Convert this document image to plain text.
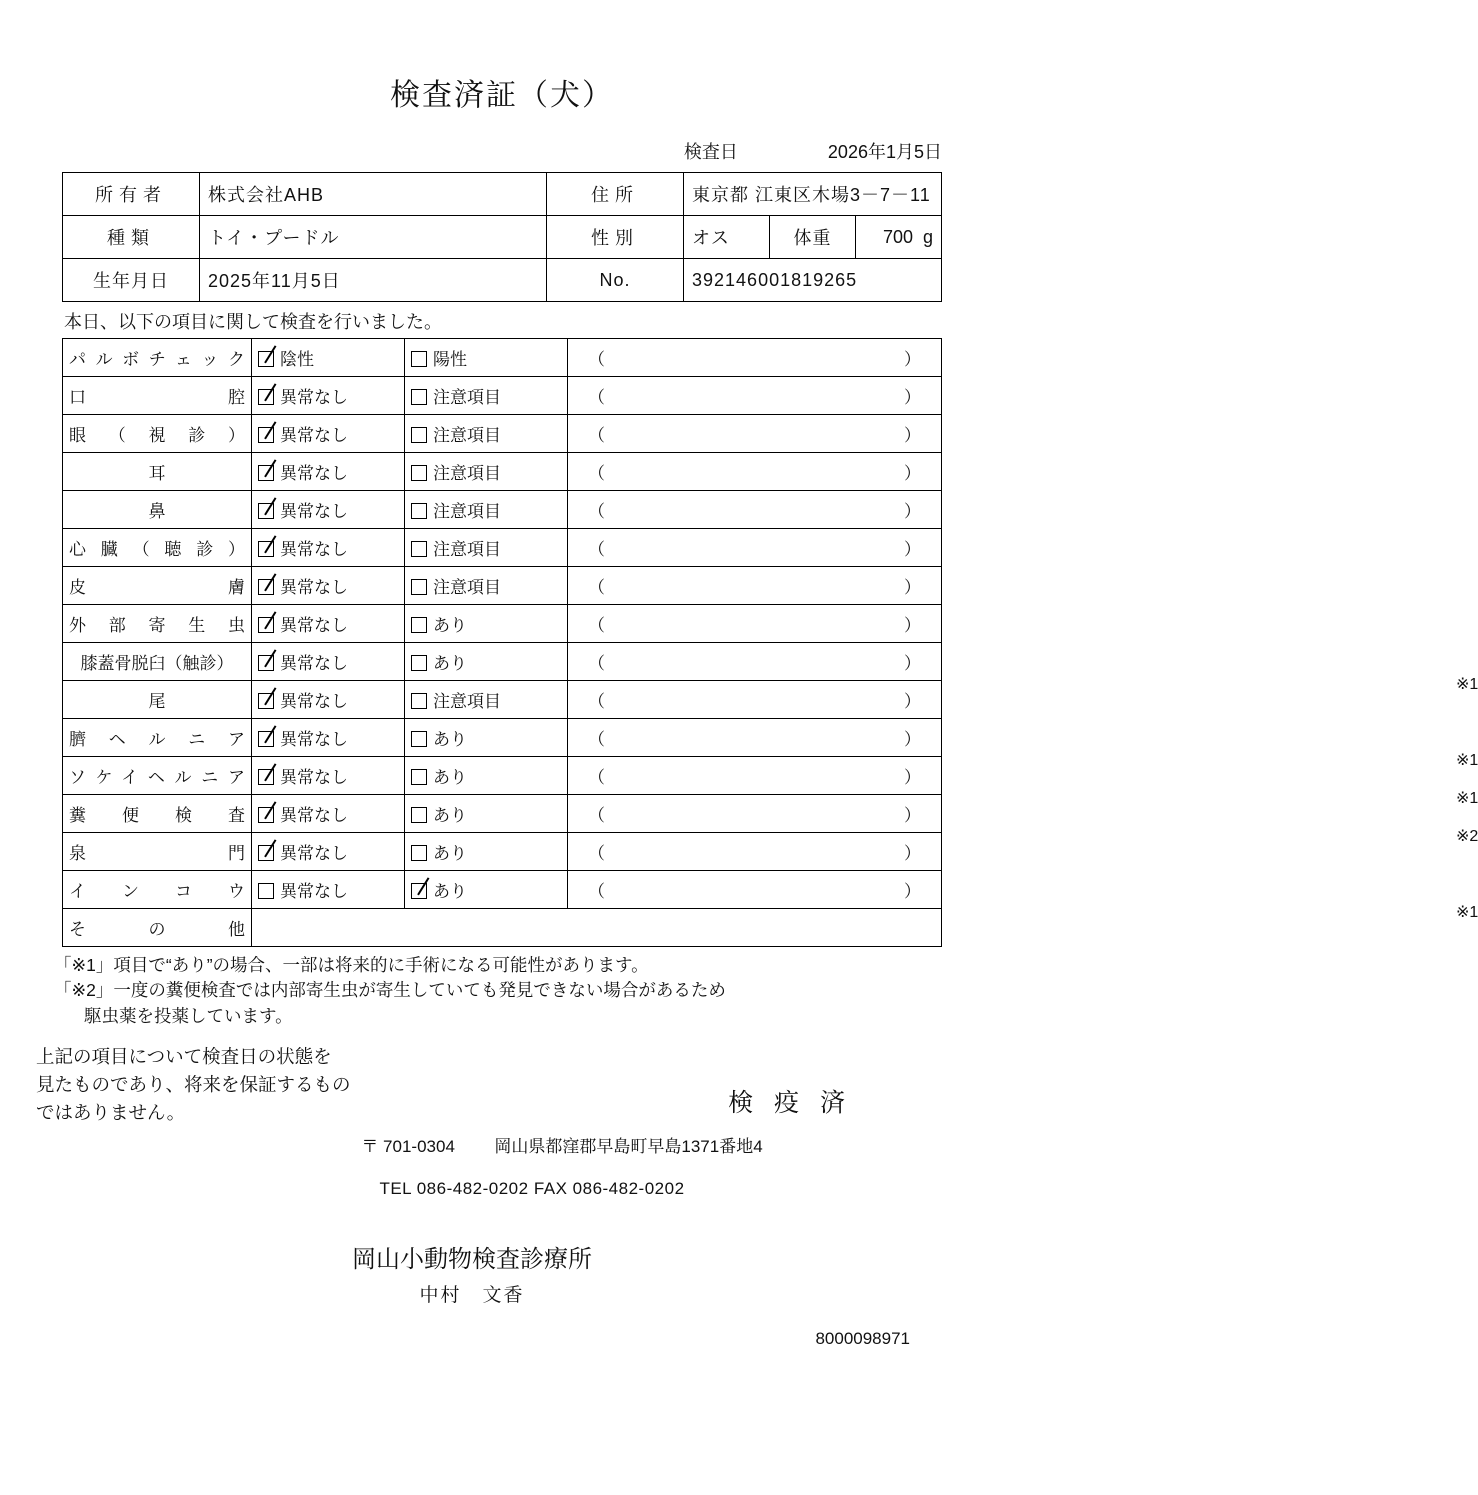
検査済証（犬）
検査日	2026年1月5日
所有者	株式会社AHB	住所	東京都 江東区木場3－7－11		
種類	トイ・プードル	性別	オス	体重	700 g

生年月日	2025年11月5日	No.	392146001819265		
本日、以下の項目に関して検査を行いました。
パルボチェック	陰性	陽性	（ ）

口　　　　腔	異常なし	注意項目	（ ）

眼（視診）	異常なし	注意項目	（ ）

耳	異常なし	注意項目	（ ）

鼻	異常なし	注意項目	（ ）

心臓（聴診）	異常なし	注意項目	（ ）

皮　　　　膚	異常なし	注意項目	（ ）

外部寄生虫	異常なし	あり	（ ）

膝蓋骨脱臼（触診）	異常なし	あり	（ ）
※1

尾	異常なし	注意項目	（ ）

臍ヘルニア	異常なし	あり	（ ）
※1

ソケイヘルニア	異常なし	あり	（ ）
※1

糞便検査	異常なし	あり	（ ）
※2

泉　　　　門	異常なし	あり	（ ）

インコウ	異常なし	あり	（ ）
※1

そ　の　他			
「※1」項目で“あり”の場合、一部は将来的に手術になる可能性があります。
「※2」一度の糞便検査では内部寄生虫が寄生していても発見できない場合があるため
駆虫薬を投薬しています。
上記の項目について検査日の状態を
見たものであり、将来を保証するもの
ではありません。	検 疫 済
〒 701-0304 岡山県都窪郡早島町早島1371番地4
TEL 086-482-0202 FAX 086-482-0202
岡山小動物検査診療所
中村　文香
8000098971
